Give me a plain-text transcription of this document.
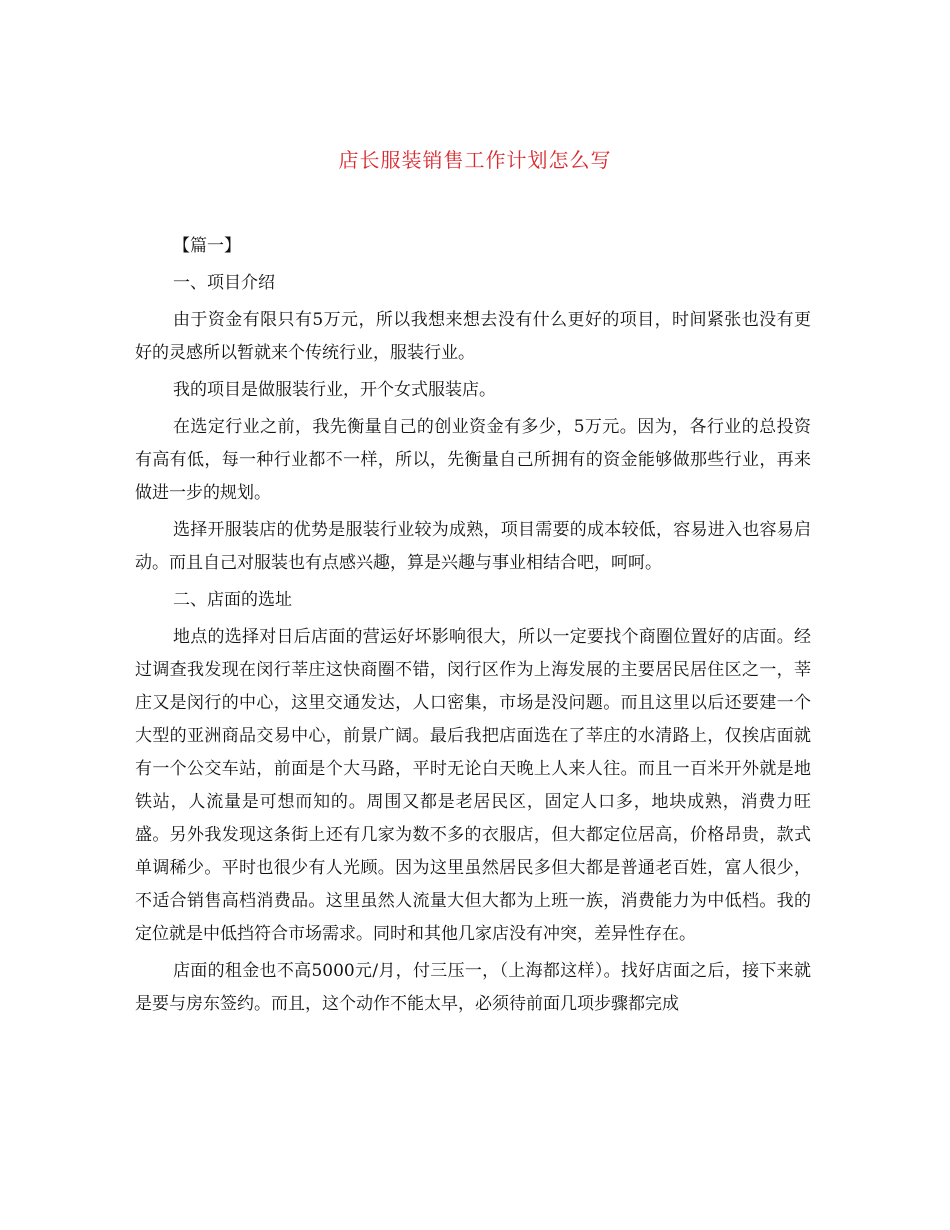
店长服装销售工作计划怎么写

【篇一】

一、项目介绍

由于资金有限只有5万元，所以我想来想去没有什么更好的项目，时间紧张也没有更好的灵感所以暂就来个传统行业，服装行业。

我的项目是做服装行业，开个女式服装店。

在选定行业之前，我先衡量自己的创业资金有多少，5万元。因为，各行业的总投资有高有低，每一种行业都不一样，所以，先衡量自己所拥有的资金能够做那些行业，再来做进一步的规划。

选择开服装店的优势是服装行业较为成熟，项目需要的成本较低，容易进入也容易启动。而且自己对服装也有点感兴趣，算是兴趣与事业相结合吧，呵呵。

二、店面的选址

地点的选择对日后店面的营运好坏影响很大，所以一定要找个商圈位置好的店面。经过调查我发现在闵行莘庄这快商圈不错，闵行区作为上海发展的主要居民居住区之一，莘庄又是闵行的中心，这里交通发达，人口密集，市场是没问题。而且这里以后还要建一个大型的亚洲商品交易中心，前景广阔。最后我把店面选在了莘庄的水清路上，仅挨店面就有一个公交车站，前面是个大马路，平时无论白天晚上人来人往。而且一百米开外就是地铁站，人流量是可想而知的。周围又都是老居民区，固定人口多，地块成熟，消费力旺盛。另外我发现这条街上还有几家为数不多的衣服店，但大都定位居高，价格昂贵，款式单调稀少。平时也很少有人光顾。因为这里虽然居民多但大都是普通老百姓，富人很少，不适合销售高档消费品。这里虽然人流量大但大都为上班一族，消费能力为中低档。我的定位就是中低挡符合市场需求。同时和其他几家店没有冲突，差异性存在。

店面的租金也不高5000元/月，付三压一，（上海都这样）。找好店面之后，接下来就是要与房东签约。而且，这个动作不能太早，必须待前面几项步骤都完成
